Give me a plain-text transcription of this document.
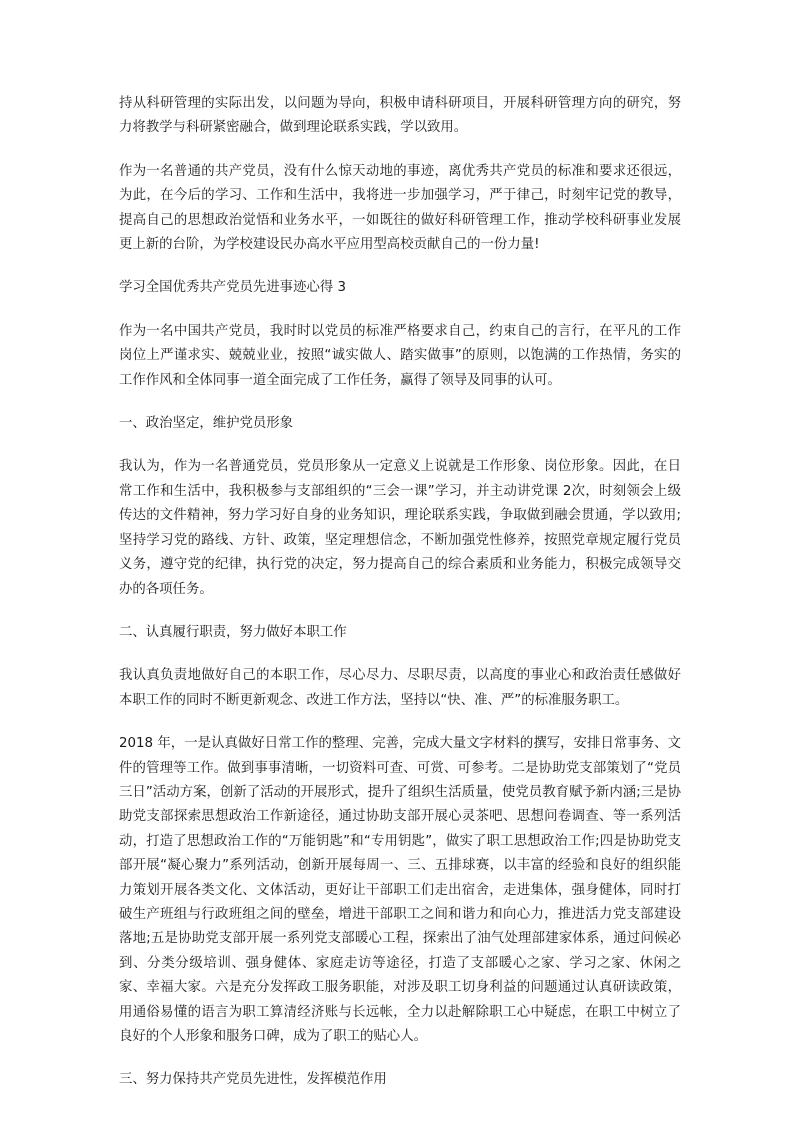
持从科研管理的实际出发，以问题为导向，积极申请科研项目，开展科研管理方向的研究，努力将教学与科研紧密融合，做到理论联系实践，学以致用。

作为一名普通的共产党员，没有什么惊天动地的事迹，离优秀共产党员的标准和要求还很远，为此，在今后的学习、工作和生活中，我将进一步加强学习，严于律己，时刻牢记党的教导，提高自己的思想政治觉悟和业务水平，一如既往的做好科研管理工作，推动学校科研事业发展更上新的台阶，为学校建设民办高水平应用型高校贡献自己的一份力量!

学习全国优秀共产党员先进事迹心得 3

作为一名中国共产党员，我时时以党员的标准严格要求自己，约束自己的言行，在平凡的工作岗位上严谨求实、兢兢业业，按照“诚实做人、踏实做事”的原则，以饱满的工作热情，务实的工作作风和全体同事一道全面完成了工作任务，赢得了领导及同事的认可。

一、政治坚定，维护党员形象

我认为，作为一名普通党员，党员形象从一定意义上说就是工作形象、岗位形象。因此，在日常工作和生活中，我积极参与支部组织的“三会一课”学习，并主动讲党课 2次，时刻领会上级传达的文件精神，努力学习好自身的业务知识，理论联系实践，争取做到融会贯通，学以致用;坚持学习党的路线、方针、政策，坚定理想信念，不断加强党性修养，按照党章规定履行党员义务，遵守党的纪律，执行党的决定，努力提高自己的综合素质和业务能力，积极完成领导交办的各项任务。

二、认真履行职责，努力做好本职工作

我认真负责地做好自己的本职工作，尽心尽力、尽职尽责，以高度的事业心和政治责任感做好本职工作的同时不断更新观念、改进工作方法，坚持以“快、准、严”的标准服务职工。

2018 年，一是认真做好日常工作的整理、完善，完成大量文字材料的撰写，安排日常事务、文件的管理等工作。做到事事清晰，一切资料可查、可赏、可参考。二是协助党支部策划了“党员三日”活动方案，创新了活动的开展形式，提升了组织生活质量，使党员教育赋予新内涵;三是协助党支部探索思想政治工作新途径，通过协助支部开展心灵茶吧、思想问卷调查、等一系列活动，打造了思想政治工作的“万能钥匙”和“专用钥匙”，做实了职工思想政治工作;四是协助党支部开展“凝心聚力”系列活动，创新开展每周一、三、五排球赛，以丰富的经验和良好的组织能力策划开展各类文化、文体活动，更好让干部职工们走出宿舍，走进集体，强身健体，同时打破生产班组与行政班组之间的壁垒，增进干部职工之间和谐力和向心力，推进活力党支部建设落地;五是协助党支部开展一系列党支部暖心工程，探索出了油气处理部建家体系，通过问候必到、分类分级培训、强身健体、家庭走访等途径，打造了支部暖心之家、学习之家、休闲之家、幸福大家。六是充分发挥政工服务职能，对涉及职工切身利益的问题通过认真研读政策，用通俗易懂的语言为职工算清经济账与长远帐，全力以赴解除职工心中疑虑，在职工中树立了良好的个人形象和服务口碑，成为了职工的贴心人。

三、努力保持共产党员先进性，发挥模范作用
